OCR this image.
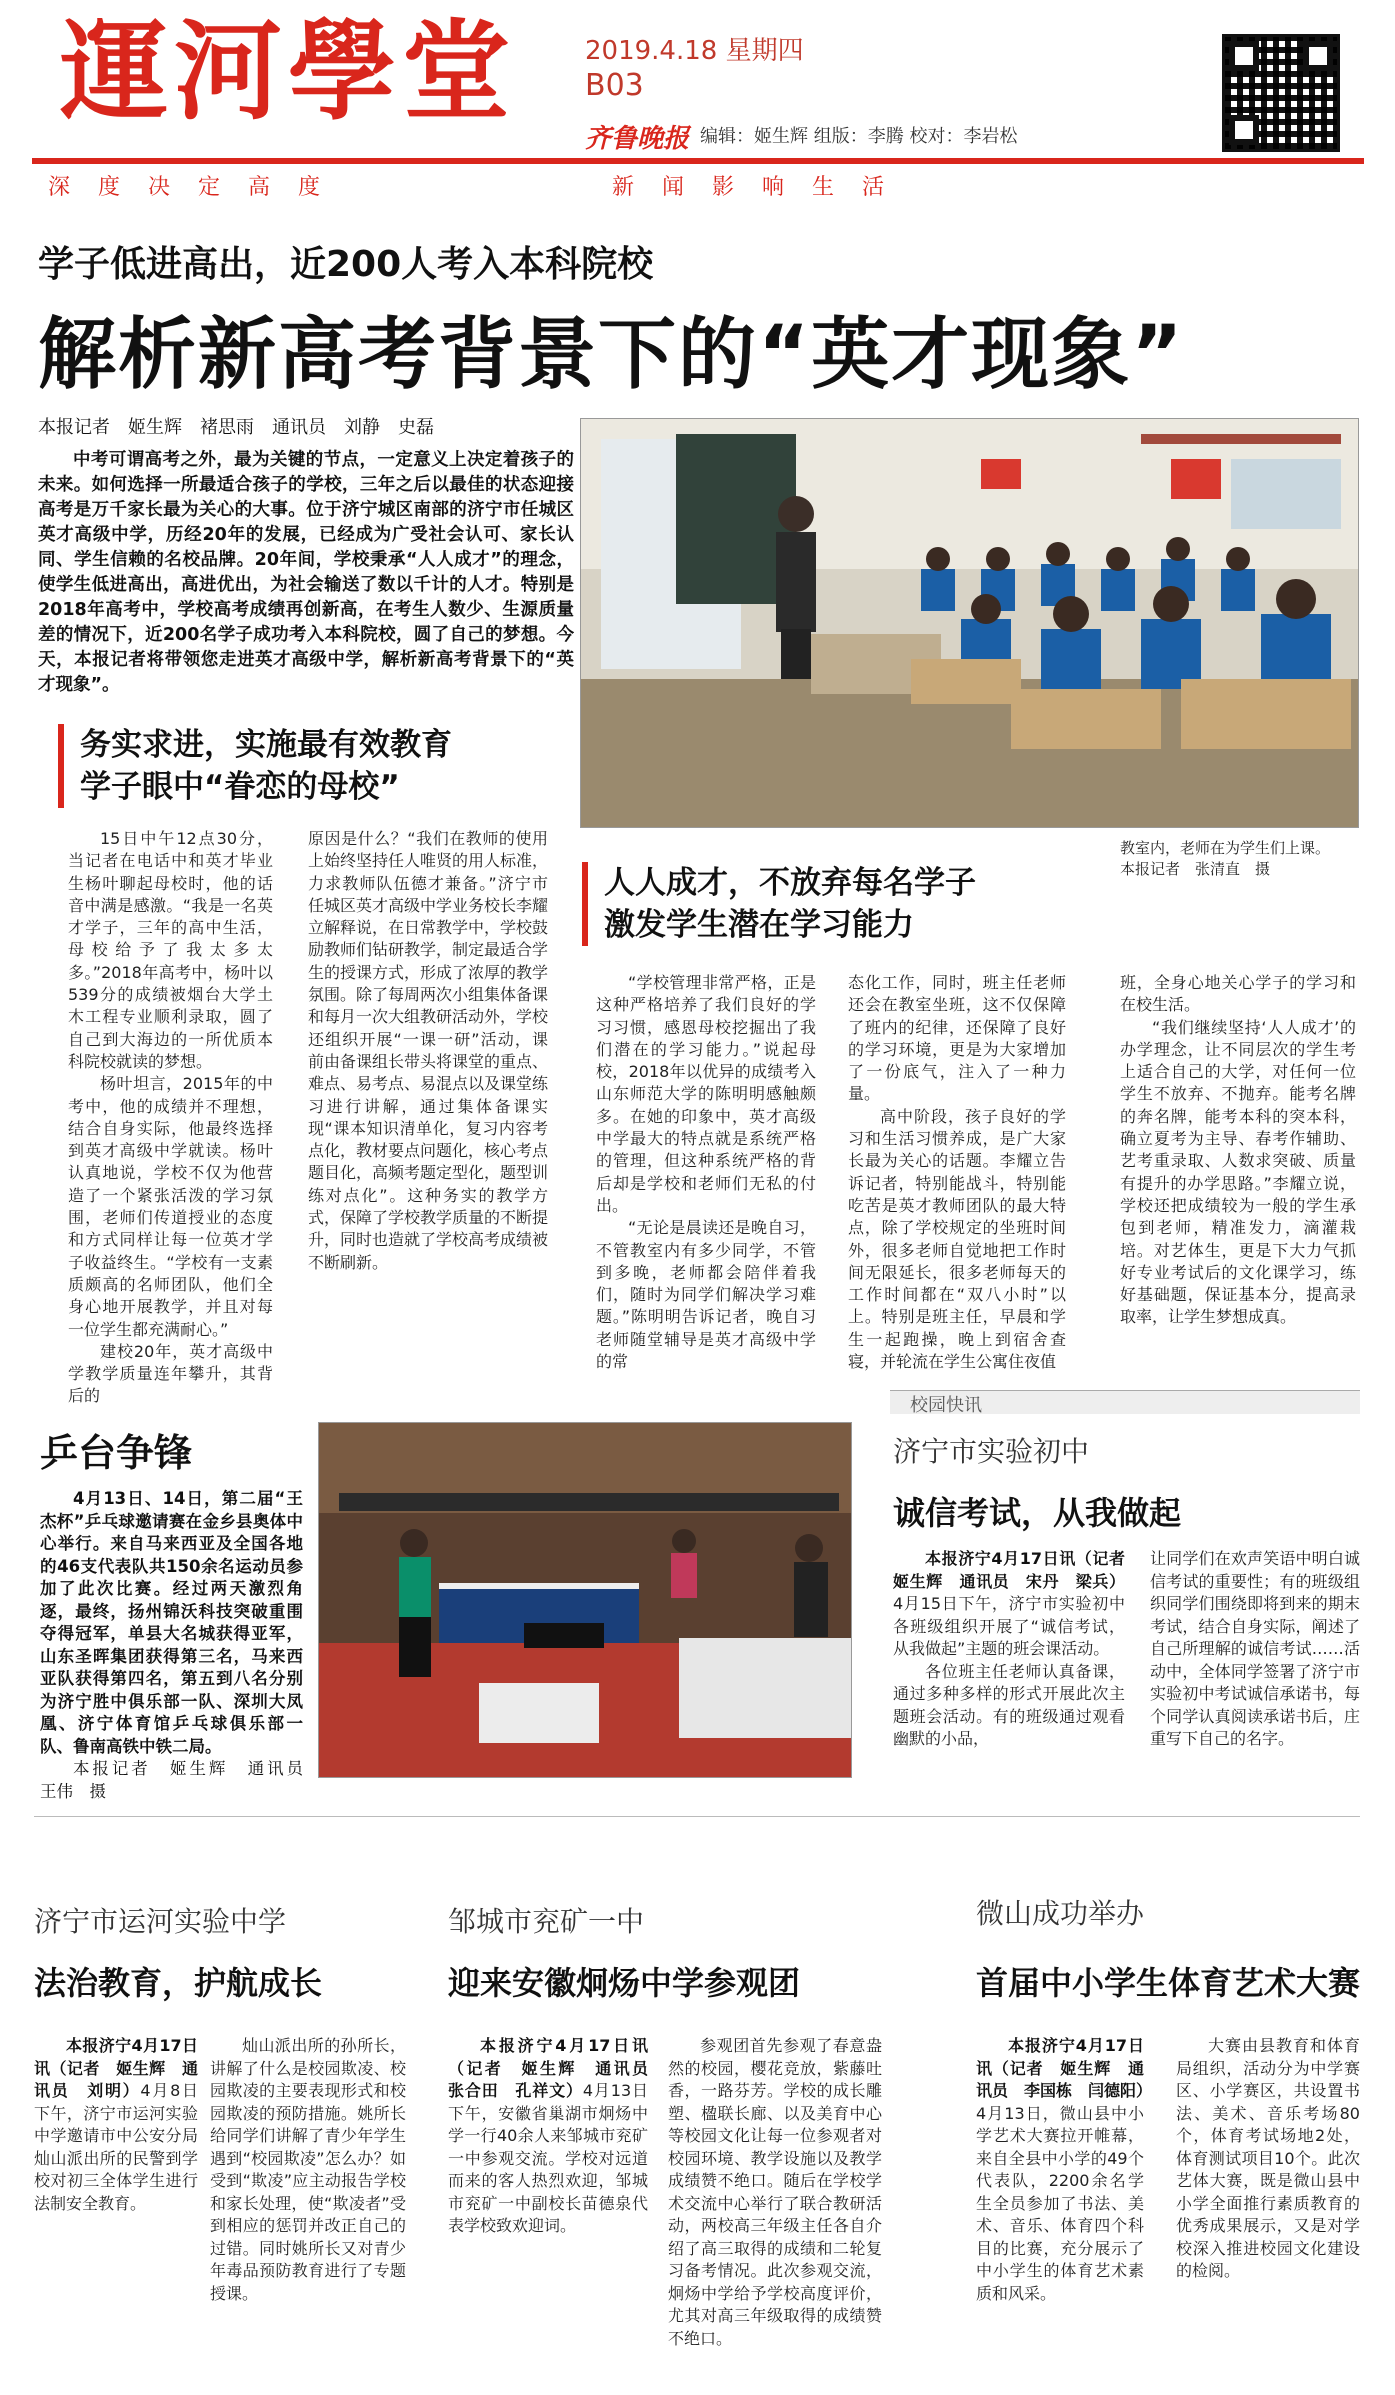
運河學堂	2019.4.18 星期四
B03
齐鲁晚报 编辑：姬生辉 组版：李腾 校对：李岩松
深度决定高度	新闻影响生活
学子低进高出，近200人考入本科院校
解析新高考背景下的“英才现象”
本报记者　姬生辉　褚思雨　通讯员　刘静　史磊
中考可谓高考之外，最为关键的节点，一定意义上决定着孩子的未来。如何选择一所最适合孩子的学校，三年之后以最佳的状态迎接高考是万千家长最为关心的大事。位于济宁城区南部的济宁市任城区英才高级中学，历经20年的发展，已经成为广受社会认可、家长认同、学生信赖的名校品牌。20年间，学校秉承“人人成才”的理念，使学生低进高出，高进优出，为社会输送了数以千计的人才。特别是2018年高考中，学校高考成绩再创新高，在考生人数少、生源质量差的情况下，近200名学子成功考入本科院校，圆了自己的梦想。今天，本报记者将带领您走进英才高级中学，解析新高考背景下的“英才现象”。
教室内，老师在为学生们上课。
本报记者　张清直　摄
务实求进，实施最有效教育
学子眼中“眷恋的母校”
人人成才，不放弃每名学子
激发学生潜在学习能力

15日中午12点30分，当记者在电话中和英才毕业生杨叶聊起母校时，他的话音中满是感激。“我是一名英才学子，三年的高中生活，母校给予了我太多太多。”2018年高考中，杨叶以539分的成绩被烟台大学土木工程专业顺利录取，圆了自己到大海边的一所优质本科院校就读的梦想。

杨叶坦言，2015年的中考中，他的成绩并不理想，结合自身实际，他最终选择到英才高级中学就读。杨叶认真地说，学校不仅为他营造了一个紧张活泼的学习氛围，老师们传道授业的态度和方式同样让每一位英才学子收益终生。“学校有一支素质颇高的名师团队，他们全身心地开展教学，并且对每一位学生都充满耐心。”

建校20年，英才高级中学教学质量连年攀升，其背后的

原因是什么？“我们在教师的使用上始终坚持任人唯贤的用人标准，力求教师队伍德才兼备。”济宁市任城区英才高级中学业务校长李耀立解释说，在日常教学中，学校鼓励教师们钻研教学，制定最适合学生的授课方式，形成了浓厚的教学氛围。除了每周两次小组集体备课和每月一次大组教研活动外，学校还组织开展“一课一研”活动，课前由备课组长带头将课堂的重点、难点、易考点、易混点以及课堂练习进行讲解，通过集体备课实现“课本知识清单化，复习内容考点化，教材要点问题化，核心考点题目化，高频考题定型化，题型训练对点化”。这种务实的教学方式，保障了学校教学质量的不断提升，同时也造就了学校高考成绩被不断刷新。

“学校管理非常严格，正是这种严格培养了我们良好的学习习惯，感恩母校挖掘出了我们潜在的学习能力。”说起母校，2018年以优异的成绩考入山东师范大学的陈明明感触颇多。在她的印象中，英才高级中学最大的特点就是系统严格的管理，但这种系统严格的背后却是学校和老师们无私的付出。

“无论是晨读还是晚自习，不管教室内有多少同学，不管到多晚，老师都会陪伴着我们，随时为同学们解决学习难题。”陈明明告诉记者，晚自习老师随堂辅导是英才高级中学的常

态化工作，同时，班主任老师还会在教室坐班，这不仅保障了班内的纪律，还保障了良好的学习环境，更是为大家增加了一份底气，注入了一种力量。

高中阶段，孩子良好的学习和生活习惯养成，是广大家长最为关心的话题。李耀立告诉记者，特别能战斗，特别能吃苦是英才教师团队的最大特点，除了学校规定的坐班时间外，很多老师自觉地把工作时间无限延长，很多老师每天的工作时间都在“双八小时”以上。特别是班主任，早晨和学生一起跑操，晚上到宿舍查寝，并轮流在学生公寓住夜值

班，全身心地关心学子的学习和在校生活。

“我们继续坚持‘人人成才’的办学理念，让不同层次的学生考上适合自己的大学，对任何一位学生不放弃、不抛弃。能考名牌的奔名牌，能考本科的突本科，确立夏考为主导、春考作辅助、艺考重录取、人数求突破、质量有提升的办学思路。”李耀立说，学校还把成绩较为一般的学生承包到老师，精准发力，滴灌栽培。对艺体生，更是下大力气抓好专业考试后的文化课学习，练好基础题，保证基本分，提高录取率，让学生梦想成真。

乒台争锋
4月13日、14日，第二届“王杰杯”乒乓球邀请赛在金乡县奥体中心举行。来自马来西亚及全国各地的46支代表队共150余名运动员参加了此次比赛。经过两天激烈角逐，最终，扬州锦沃科技突破重围夺得冠军，单县大名城获得亚军，山东圣晖集团获得第三名，马来西亚队获得第四名，第五到八名分别为济宁胜中俱乐部一队、深圳大凤凰、济宁体育馆乒乓球俱乐部一队、鲁南高铁中铁二局。
本报记者　姬生辉　通讯员　王伟　摄
校园快讯
济宁市实验初中
诚信考试，从我做起
本报济宁4月17日讯（记者　姬生辉　通讯员　宋丹　梁兵）4月15日下午，济宁市实验初中各班级组织开展了“诚信考试，从我做起”主题的班会课活动。
各位班主任老师认真备课，通过多种多样的形式开展此次主题班会活动。有的班级通过观看幽默的小品，
让同学们在欢声笑语中明白诚信考试的重要性；有的班级组织同学们围绕即将到来的期末考试，结合自身实际，阐述了自己所理解的诚信考试……活动中，全体同学签署了济宁市实验初中考试诚信承诺书，每个同学认真阅读承诺书后，庄重写下自己的名字。
济宁市运河实验中学
法治教育，护航成长
本报济宁4月17日讯（记者　姬生辉　通讯员　刘明）4月8日下午，济宁市运河实验中学邀请市中公安分局灿山派出所的民警到学校对初三全体学生进行法制安全教育。
灿山派出所的孙所长，讲解了什么是校园欺凌、校园欺凌的主要表现形式和校园欺凌的预防措施。姚所长给同学们讲解了青少年学生遇到“校园欺凌”怎么办？如受到“欺凌”应主动报告学校和家长处理，使“欺凌者”受到相应的惩罚并改正自己的过错。同时姚所长又对青少年毒品预防教育进行了专题授课。
邹城市兖矿一中
迎来安徽炯炀中学参观团
本报济宁4月17日讯（记者　姬生辉　通讯员　张合田　孔祥文）4月13日下午，安徽省巢湖市炯炀中学一行40余人来邹城市兖矿一中参观交流。学校对远道而来的客人热烈欢迎，邹城市兖矿一中副校长苗德泉代表学校致欢迎词。
参观团首先参观了春意盎然的校园，樱花竞放，紫藤吐香，一路芬芳。学校的成长雕塑、楹联长廊、以及美育中心等校园文化让每一位参观者对校园环境、教学设施以及教学成绩赞不绝口。随后在学校学术交流中心举行了联合教研活动，两校高三年级主任各自介绍了高三取得的成绩和二轮复习备考情况。此次参观交流，炯炀中学给予学校高度评价，尤其对高三年级取得的成绩赞不绝口。
微山成功举办
首届中小学生体育艺术大赛
本报济宁4月17日讯（记者　姬生辉　通讯员　李国栋　闫德阳）4月13日，微山县中小学艺术大赛拉开帷幕，来自全县中小学的49个代表队，2200余名学生全员参加了书法、美术、音乐、体育四个科目的比赛，充分展示了中小学生的体育艺术素质和风采。
大赛由县教育和体育局组织，活动分为中学赛区、小学赛区，共设置书法、美术、音乐考场80个，体育考试场地2处，体育测试项目10个。此次艺体大赛，既是微山县中小学全面推行素质教育的优秀成果展示，又是对学校深入推进校园文化建设的检阅。
